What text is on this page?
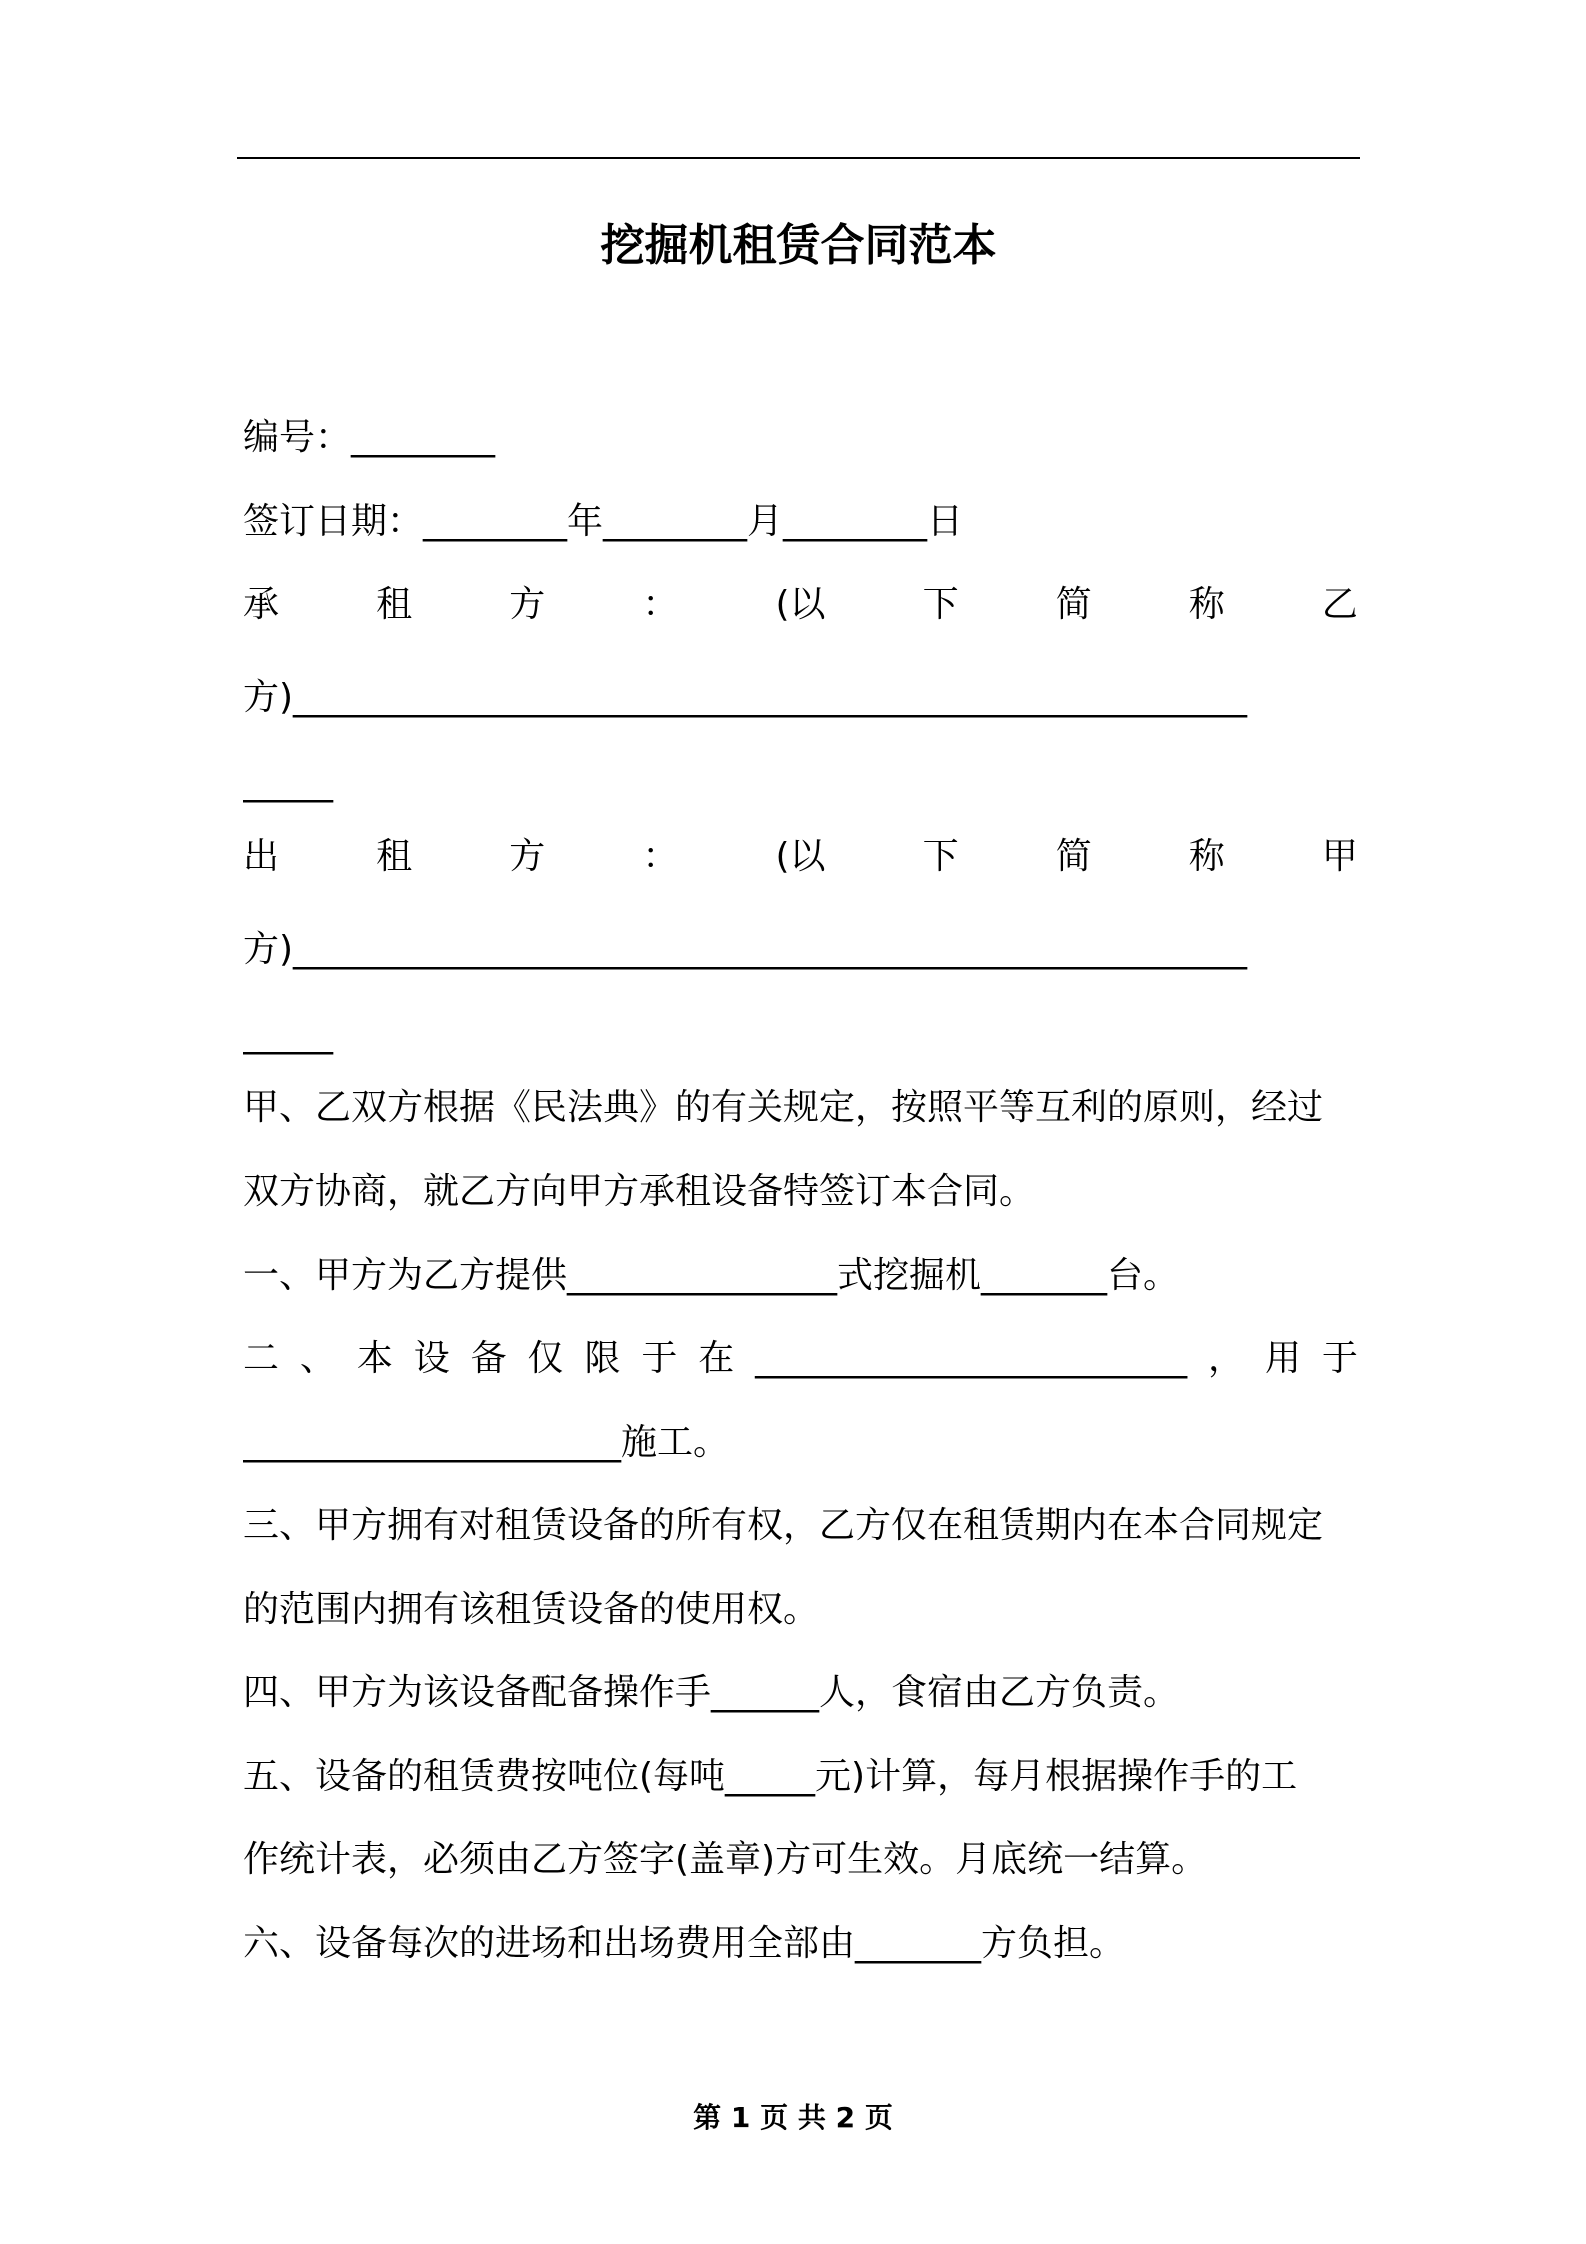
挖掘机租赁合同范本
编号：________
签订日期：________年________月________日
承	租	方	：	(以	下	简	称	乙
方)_____________________________________________________
_____
出	租	方	：	(以	下	简	称	甲
方)_____________________________________________________
_____
甲、乙双方根据《民法典》的有关规定，按照平等互利的原则，经过
双方协商，就乙方向甲方承租设备特签订本合同。
一、甲方为乙方提供_______________式挖掘机_______台。
二 、 本 设 备 仅 限 于 在 ________________________ ， 用 于
_____________________施工。
三、甲方拥有对租赁设备的所有权，乙方仅在租赁期内在本合同规定
的范围内拥有该租赁设备的使用权。
四、甲方为该设备配备操作手______人，食宿由乙方负责。
五、设备的租赁费按吨位(每吨_____元)计算，每月根据操作手的工
作统计表，必须由乙方签字(盖章)方可生效。月底统一结算。
六、设备每次的进场和出场费用全部由_______方负担。
第 1 页 共 2 页
